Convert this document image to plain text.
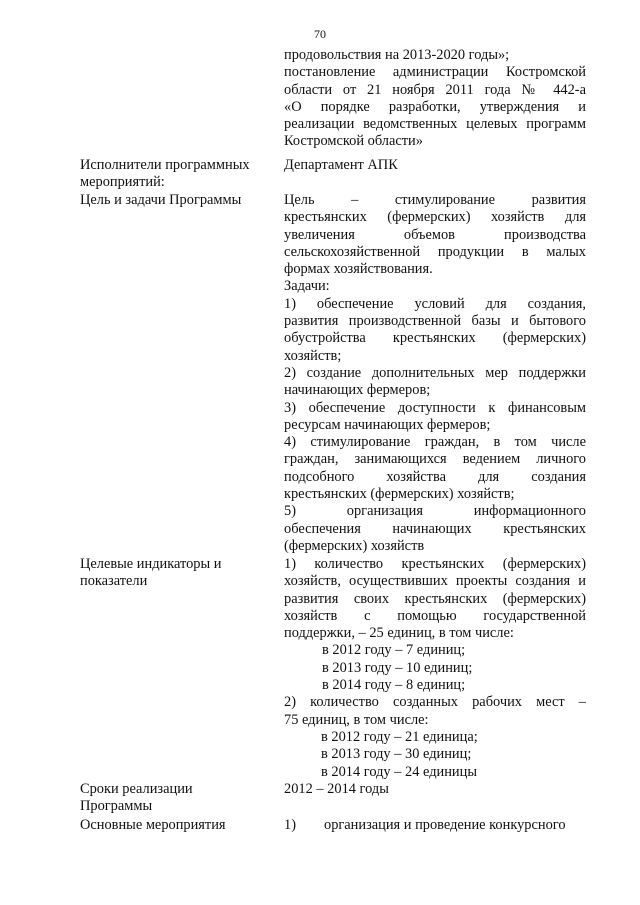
70
продовольствия на 2013-2020 годы»;
постановление администрации Костромской
области от 21 ноября 2011 года № 442-а
«О порядке разработки, утверждения и
реализации ведомственных целевых программ
Костромской области»
Исполнители программных
мероприятий:
Департамент АПК
Цель и задачи Программы	Цель – стимулирование развития
крестьянских (фермерских) хозяйств для
увеличения объемов производства
сельскохозяйственной продукции в малых
формах хозяйствования.
Задачи:
1) обеспечение условий для создания,
развития производственной базы и бытового
обустройства крестьянских (фермерских)
хозяйств;
2) создание дополнительных мер поддержки
начинающих фермеров;
3) обеспечение доступности к финансовым
ресурсам начинающих фермеров;
4) стимулирование граждан, в том числе
граждан, занимающихся ведением личного
подсобного хозяйства для создания
крестьянских (фермерских) хозяйств;
5) организация информационного
обеспечения начинающих крестьянских
(фермерских) хозяйств
Целевые индикаторы и
показатели
1) количество крестьянских (фермерских)
хозяйств, осуществивших проекты создания и
развития своих крестьянских (фермерских)
хозяйств с помощью государственной
поддержки, – 25 единиц, в том числе:
в 2012 году – 7 единиц;
в 2013 году – 10 единиц;
в 2014 году – 8 единиц;
2) количество созданных рабочих мест –
75 единиц, в том числе:
в 2012 году – 21 единица;
в 2013 году – 30 единиц;
в 2014 году – 24 единицы
Сроки реализации
Программы
2012 – 2014 годы
Основные мероприятия	1) организация и проведение конкурсного
